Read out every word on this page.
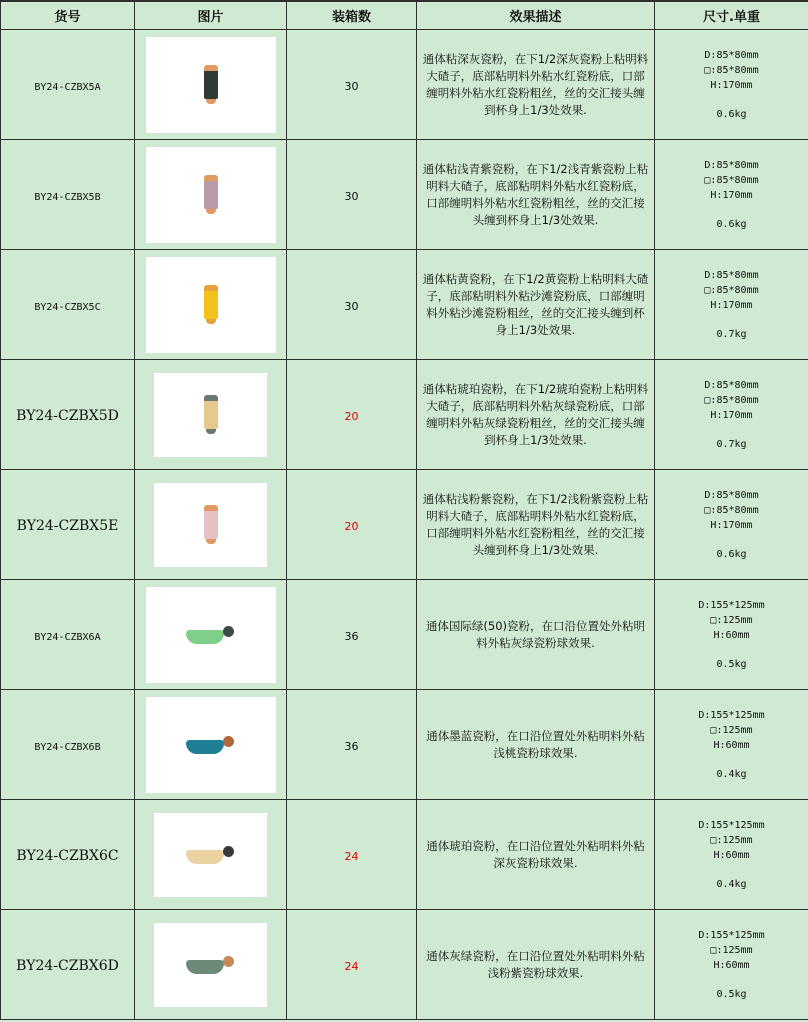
货号	图片	装箱数	效果描述	尺寸.单重
BY24-CZBX5A		30	通体粘深灰瓷粉，在下1/2深灰瓷粉上粘明料大碴子，底部粘明料外粘水红瓷粉底，口部缠明料外粘水红瓷粉粗丝，丝的交汇接头缠到杯身上1/3处效果.	D:85*80mm
□:85*80mm
H:170mm
0.6kg

BY24-CZBX5B		30	通体粘浅青紫瓷粉，在下1/2浅青紫瓷粉上粘明料大碴子，底部粘明料外粘水红瓷粉底，口部缠明料外粘水红瓷粉粗丝，丝的交汇接头缠到杯身上1/3处效果.	D:85*80mm
□:85*80mm
H:170mm
0.6kg

BY24-CZBX5C		30	通体粘黄瓷粉，在下1/2黄瓷粉上粘明料大碴子，底部粘明料外粘沙滩瓷粉底，口部缠明料外粘沙滩瓷粉粗丝，丝的交汇接头缠到杯身上1/3处效果.	D:85*80mm
□:85*80mm
H:170mm
0.7kg

BY24-CZBX5D		20	通体粘琥珀瓷粉，在下1/2琥珀瓷粉上粘明料大碴子，底部粘明料外粘灰绿瓷粉底，口部缠明料外粘灰绿瓷粉粗丝，丝的交汇接头缠到杯身上1/3处效果.	D:85*80mm
□:85*80mm
H:170mm
0.7kg

BY24-CZBX5E		20	通体粘浅粉紫瓷粉，在下1/2浅粉紫瓷粉上粘明料大碴子，底部粘明料外粘水红瓷粉底，口部缠明料外粘水红瓷粉粗丝，丝的交汇接头缠到杯身上1/3处效果.	D:85*80mm
□:85*80mm
H:170mm
0.6kg

BY24-CZBX6A		36	通体国际绿(50)瓷粉，在口沿位置处外粘明料外粘灰绿瓷粉球效果.	D:155*125mm
□:125mm
H:60mm
0.5kg

BY24-CZBX6B		36	通体墨蓝瓷粉，在口沿位置处外粘明料外粘浅桃瓷粉球效果.	D:155*125mm
□:125mm
H:60mm
0.4kg

BY24-CZBX6C		24	通体琥珀瓷粉，在口沿位置处外粘明料外粘深灰瓷粉球效果.	D:155*125mm
□:125mm
H:60mm
0.4kg

BY24-CZBX6D		24	通体灰绿瓷粉，在口沿位置处外粘明料外粘浅粉紫瓷粉球效果.	D:155*125mm
□:125mm
H:60mm
0.5kg
